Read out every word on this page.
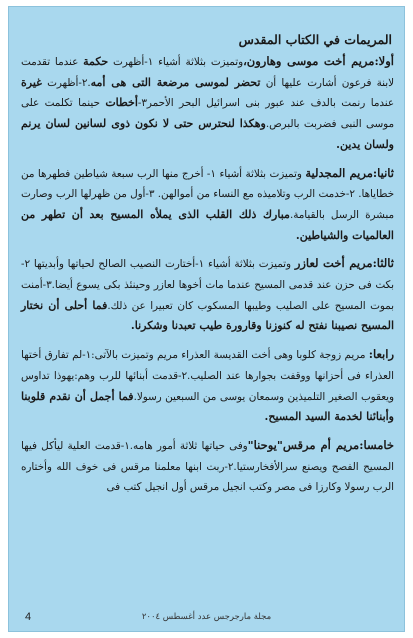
المريمات في الكتاب المقدس

أولا:مريم أخت موسى وهارون،وتميزت بثلاثة أشياء ١-أظهرت حكمة عندما تقدمت لابنة فرعون أشارت عليها أن تحضر لموسى مرضعة التى هى أمه.٢-أظهرت غيرة عندما رنمت بالدف عند عبور بنى اسرائيل البحر الأحمر٣-أخطات حينما تكلمت على موسى النبى فضربت بالبرص.وهكذا لنحترس حتى لا نكون ذوى لسانين لسان يرنم ولسان يدين.

ثانيا:مريم المجدلية وتميزت بثلاثة أشياء ١- أخرج منها الرب سبعة شياطين فطهرها من خطاياها. ٢-خدمت الرب وتلاميذه مع النساء من أموالهن. ٣-أول من ظهرلها الرب وصارت مبشرة الرسل بالقيامة.مبارك ذلك القلب الذى يملأه المسيح بعد أن تطهر من العالميات والشياطين.

ثالثا:مريم أخت لعازر وتميزت بثلاثة أشياء ١-أختارت النصيب الصالح لحياتها وأبديتها ٢- بكت فى حزن عند قدمى المسيح عندما مات أخوها لعازر وحينئذ بكى يسوع أيضا.٣-أمنت بموت المسيح على الصليب وطيبها المسكوب كان تعبيرا عن ذلك.فما أحلى أن نختار المسيح نصيبنا نفتح له كنوزنا وقارورة طيب تعبدنا وشكرنا.

رابعا: مريم زوجة كلوبا وهى أخت القديسة العذراء مريم وتميزت بالآتى:١-لم تفارق أختها العذراء فى أحزانها ووقفت بجوارها عند الصليب.٢-قدمت أبنائها للرب وهم:يهوذا تداوس ويعقوب الصغير التلميذين وسمعان يوسى من السبعين رسولا.فما أجمل أن نقدم قلوبنا وأبنائنا لخدمة السيد المسيح.

خامسا:مريم أم مرقس"يوحنا"وفى حياتها ثلاثة أمور هامه.١-قدمت العلية ليأكل فيها المسيح الفصح ويصنع سرالأفخارستيا.٢-ربت ابنها معلمنا مرقس فى خوف الله وأختاره الرب رسولا وكارزا فى مصر وكتب انجيل مرقس أول انجيل كتب فى

مجلة مارجرجس عدد أغسطس ٢٠٠٤
4
